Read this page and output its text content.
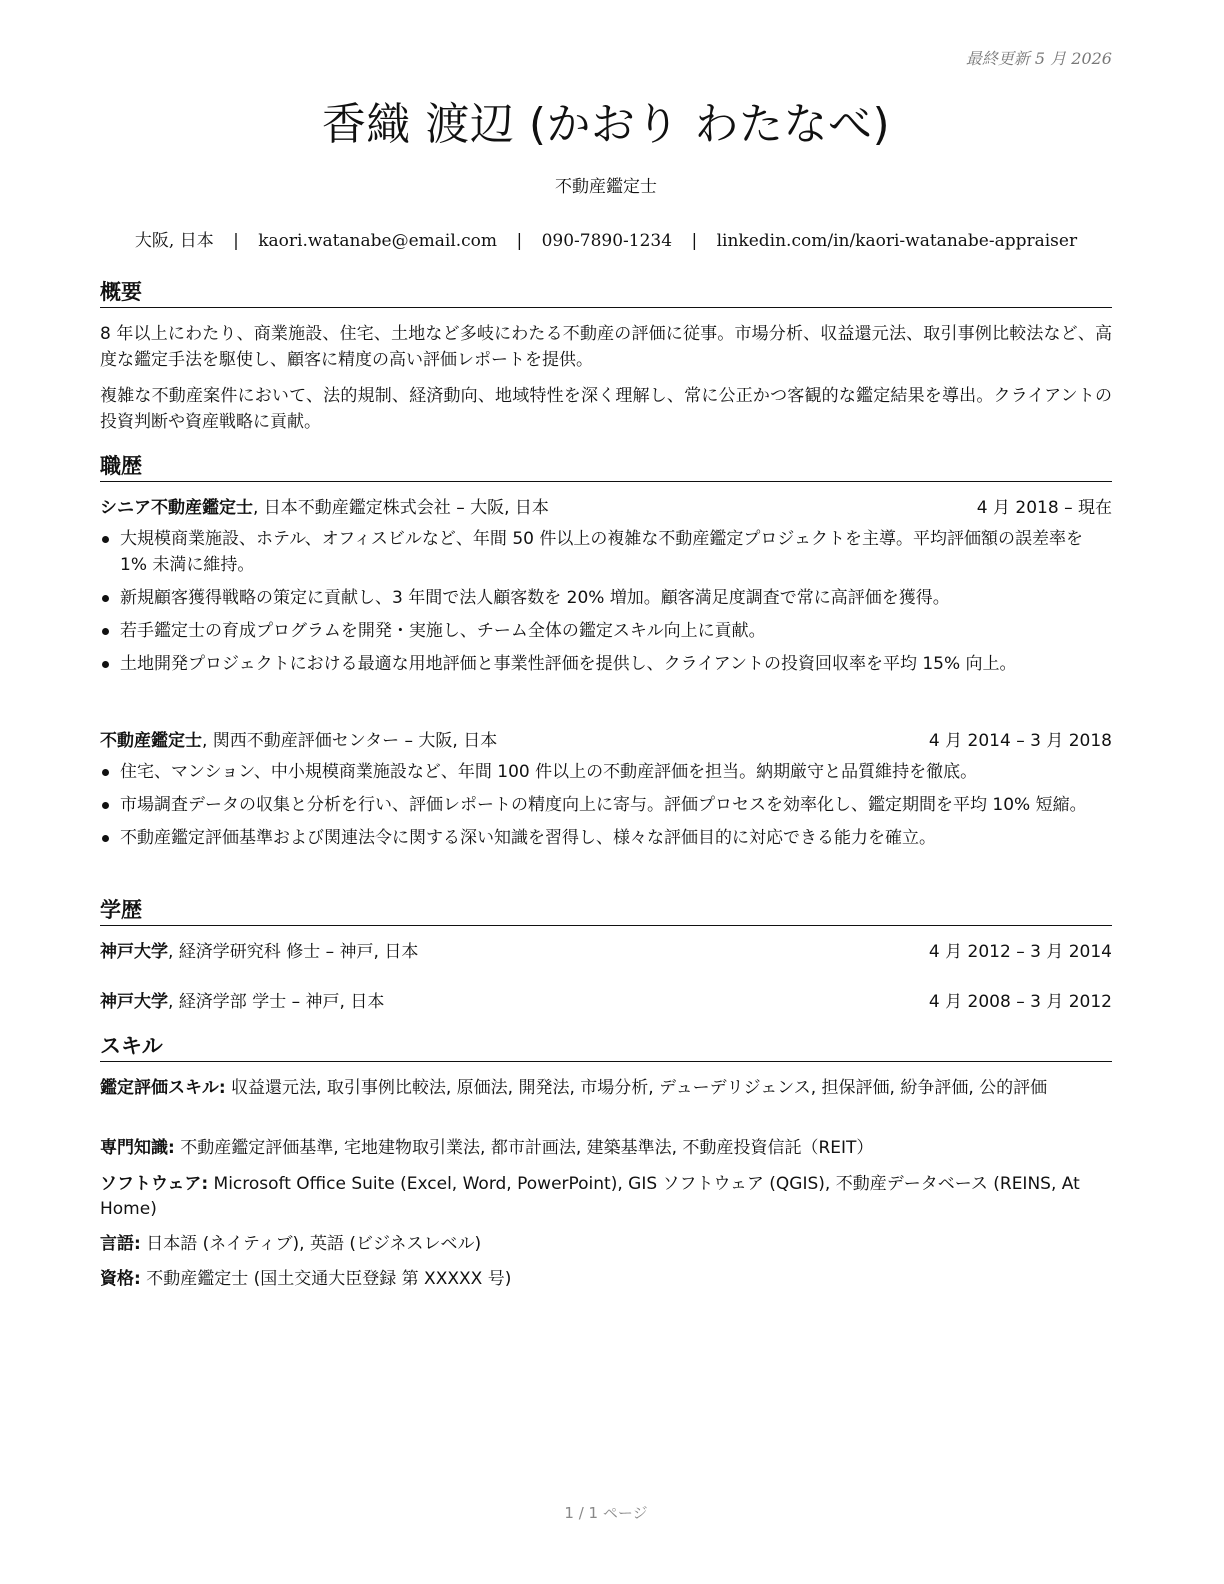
最終更新 5 月 2026
香織 渡辺 (かおり わたなべ)
不動産鑑定士
大阪, 日本 | kaori.watanabe@email.com | 090-7890-1234 | linkedin.com/in/kaori-watanabe-appraiser
概要
8 年以上にわたり、商業施設、住宅、土地など多岐にわたる不動産の評価に従事。市場分析、収益還元法、取引事例比較法など、高度な鑑定手法を駆使し、顧客に精度の高い評価レポートを提供。
複雑な不動産案件において、法的規制、経済動向、地域特性を深く理解し、常に公正かつ客観的な鑑定結果を導出。クライアントの投資判断や資産戦略に貢献。
職歴
シニア不動産鑑定士, 日本不動産鑑定株式会社 – 大阪, 日本	4 月 2018 – 現在
大規模商業施設、ホテル、オフィスビルなど、年間 50 件以上の複雑な不動産鑑定プロジェクトを主導。平均評価額の誤差率を 1% 未満に維持。
新規顧客獲得戦略の策定に貢献し、3 年間で法人顧客数を 20% 増加。顧客満足度調査で常に高評価を獲得。
若手鑑定士の育成プログラムを開発・実施し、チーム全体の鑑定スキル向上に貢献。
土地開発プロジェクトにおける最適な用地評価と事業性評価を提供し、クライアントの投資回収率を平均 15% 向上。
不動産鑑定士, 関西不動産評価センター – 大阪, 日本	4 月 2014 – 3 月 2018
住宅、マンション、中小規模商業施設など、年間 100 件以上の不動産評価を担当。納期厳守と品質維持を徹底。
市場調査データの収集と分析を行い、評価レポートの精度向上に寄与。評価プロセスを効率化し、鑑定期間を平均 10% 短縮。
不動産鑑定評価基準および関連法令に関する深い知識を習得し、様々な評価目的に対応できる能力を確立。
学歴
神戸大学, 経済学研究科 修士 – 神戸, 日本	4 月 2012 – 3 月 2014
神戸大学, 経済学部 学士 – 神戸, 日本	4 月 2008 – 3 月 2012
スキル
鑑定評価スキル: 収益還元法, 取引事例比較法, 原価法, 開発法, 市場分析, デューデリジェンス, 担保評価, 紛争評価, 公的評価
専門知識: 不動産鑑定評価基準, 宅地建物取引業法, 都市計画法, 建築基準法, 不動産投資信託（REIT）
ソフトウェア: Microsoft Office Suite (Excel, Word, PowerPoint), GIS ソフトウェア (QGIS), 不動産データベース (REINS, At Home)
言語: 日本語 (ネイティブ), 英語 (ビジネスレベル)
資格: 不動産鑑定士 (国土交通大臣登録 第 XXXXX 号)
1 / 1 ページ
